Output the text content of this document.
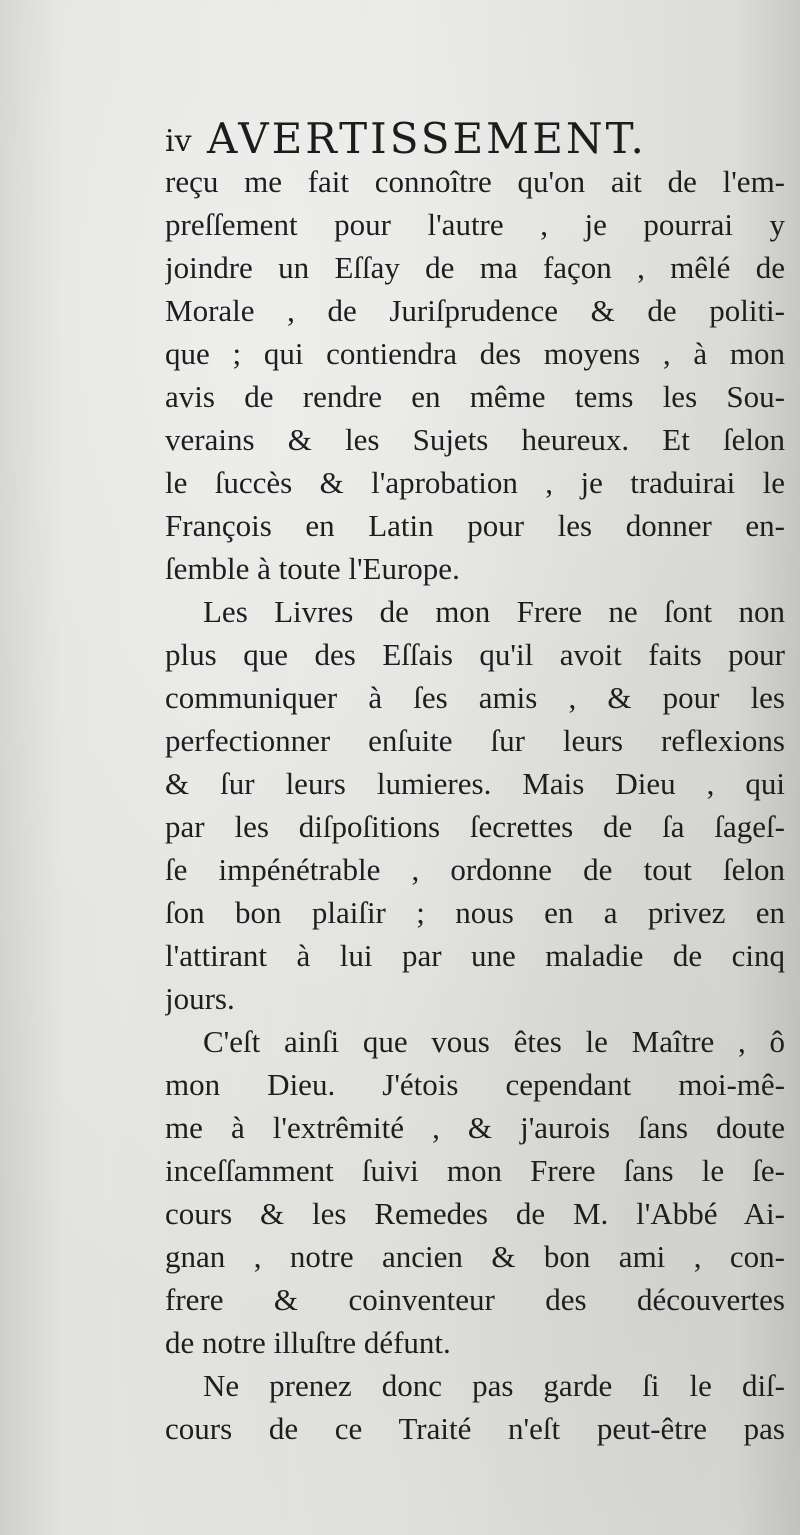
iv AVERTISSEMENT.
reçu me fait connoître qu'on ait de l'em-
preſſement pour l'autre , je pourrai y
joindre un Eſſay de ma façon , mêlé de
Morale , de Juriſprudence & de politi-
que ; qui contiendra des moyens , à mon
avis de rendre en même tems les Sou-
verains & les Sujets heureux. Et ſelon
le ſuccès & l'aprobation , je traduirai le
François en Latin pour les donner en-
ſemble à toute l'Europe.
Les Livres de mon Frere ne ſont non
plus que des Eſſais qu'il avoit faits pour
communiquer à ſes amis , & pour les
perfectionner enſuite ſur leurs reflexions
& ſur leurs lumieres. Mais Dieu , qui
par les diſpoſitions ſecrettes de ſa ſageſ-
ſe impénétrable , ordonne de tout ſelon
ſon bon plaiſir ; nous en a privez en
l'attirant à lui par une maladie de cinq
jours.
C'eſt ainſi que vous êtes le Maître , ô
mon Dieu. J'étois cependant moi-mê-
me à l'extrêmité , & j'aurois ſans doute
inceſſamment ſuivi mon Frere ſans le ſe-
cours & les Remedes de M. l'Abbé Ai-
gnan , notre ancien & bon ami , con-
frere & coinventeur des découvertes
de notre illuſtre défunt.
Ne prenez donc pas garde ſi le diſ-
cours de ce Traité n'eſt peut-être pas
